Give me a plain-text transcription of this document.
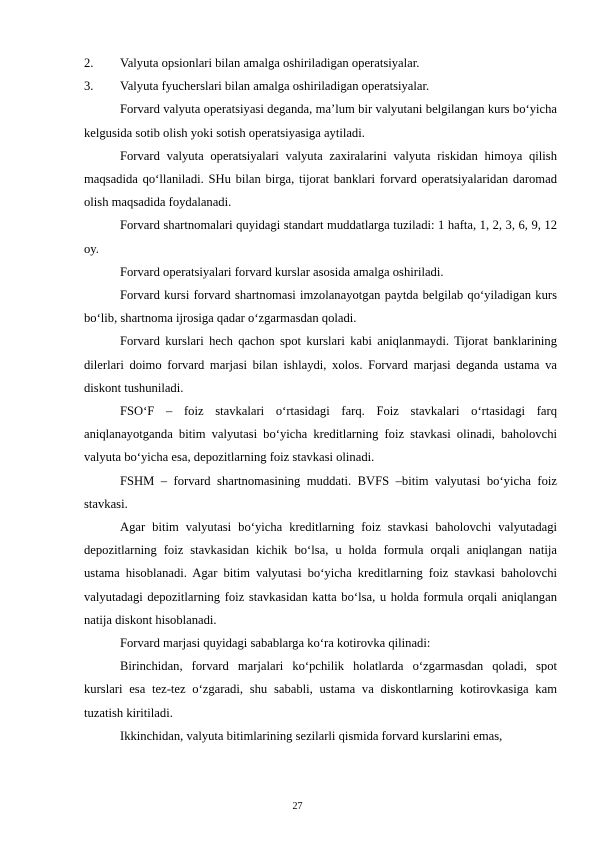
2. Valyuta opsionlari bilan amalga oshiriladigan operatsiyalar.
3. Valyuta fyucherslari bilan amalga oshiriladigan operatsiyalar.

Forvard valyuta operatsiyasi deganda, ma’lum bir valyutani belgilangan kurs bo‘yicha kelgusida sotib olish yoki sotish operatsiyasiga aytiladi.

Forvard valyuta operatsiyalari valyuta zaxiralarini valyuta riskidan himoya qilish maqsadida qo‘llaniladi. SHu bilan birga, tijorat banklari forvard operatsiyalaridan daromad olish maqsadida foydalanadi.

Forvard shartnomalari quyidagi standart muddatlarga tuziladi: 1 hafta, 1, 2, 3, 6, 9, 12 oy.

Forvard operatsiyalari forvard kurslar asosida amalga oshiriladi.

Forvard kursi forvard shartnomasi imzolanayotgan paytda belgilab qo‘yiladigan kurs bo‘lib, shartnoma ijrosiga qadar o‘zgarmasdan qoladi.

Forvard kurslari hech qachon spot kurslari kabi aniqlanmaydi. Tijorat banklarining dilerlari doimo forvard marjasi bilan ishlaydi, xolos. Forvard marjasi deganda ustama va diskont tushuniladi.

FSO‘F – foiz stavkalari o‘rtasidagi farq. Foiz stavkalari o‘rtasidagi farq aniqlanayotganda bitim valyutasi bo‘yicha kreditlarning foiz stavkasi olinadi, baholovchi valyuta bo‘yicha esa, depozitlarning foiz stavkasi olinadi.

FSHM – forvard shartnomasining muddati. BVFS –bitim valyutasi bo‘yicha foiz stavkasi.

Agar bitim valyutasi bo‘yicha kreditlarning foiz stavkasi baholovchi valyutadagi depozitlarning foiz stavkasidan kichik bo‘lsa, u holda formula orqali aniqlangan natija ustama hisoblanadi. Agar bitim valyutasi bo‘yicha kreditlarning foiz stavkasi baholovchi valyutadagi depozitlarning foiz stavkasidan katta bo‘lsa, u holda formula orqali aniqlangan natija diskont hisoblanadi.

Forvard marjasi quyidagi sabablarga ko‘ra kotirovka qilinadi:

Birinchidan, forvard marjalari ko‘pchilik holatlarda o‘zgarmasdan qoladi, spot kurslari esa tez-tez o‘zgaradi, shu sababli, ustama va diskontlarning kotirovkasiga kam tuzatish kiritiladi.

Ikkinchidan, valyuta bitimlarining sezilarli qismida forvard kurslarini emas,

27
